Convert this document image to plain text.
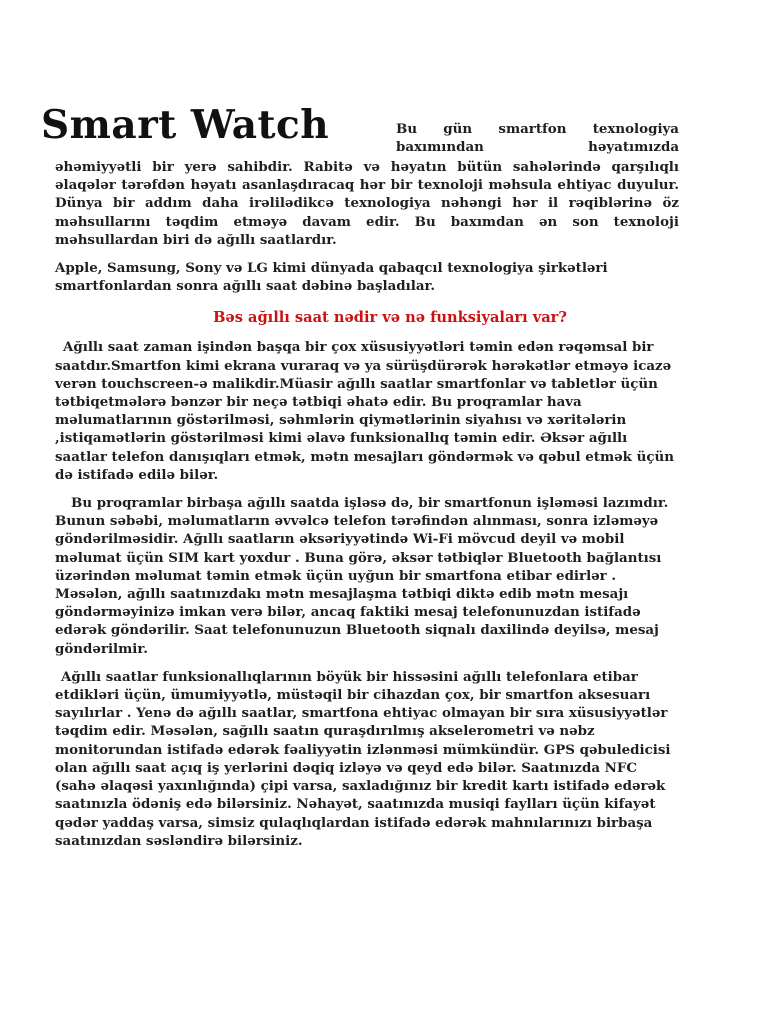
Smart Watch	Bu gün smartfon texnologiya baxımından həyatımızda

əhəmiyyətli bir yerə sahibdir. Rabitə və həyatın bütün sahələrində qarşılıqlı əlaqələr tərəfdən həyatı asanlaşdıracaq hər bir texnoloji məhsula ehtiyac duyulur. Dünya bir addım daha irəlilədikcə texnologiya nəhəngi hər il rəqiblərinə öz məhsullarını təqdim etməyə davam edir. Bu baxımdan ən son texnoloji məhsullardan biri də ağıllı saatlardır.

Apple, Samsung, Sony və LG kimi dünyada qabaqcıl texnologiya şirkətləri smartfonlardan sonra ağıllı saat dəbinə başladılar.

Bəs ağıllı saat nədir və nə funksiyaları var?

Ağıllı saat zaman işindən başqa bir çox xüsusiyyətləri təmin edən rəqəmsal bir saatdır.Smartfon kimi ekrana vuraraq və ya sürüşdürərək hərəkətlər etməyə icazə verən touchscreen-ə malikdir.Müasir ağıllı saatlar smartfonlar və tabletlər üçün tətbiqetmələrə bənzər bir neçə tətbiqi əhatə edir. Bu proqramlar hava məlumatlarının göstərilməsi, səhmlərin qiymətlərinin siyahısı və xəritələrin ,istiqamətlərin göstərilməsi kimi əlavə funksionallıq təmin edir. Əksər ağıllı saatlar telefon danışıqları etmək, mətn mesajları göndərmək və qəbul etmək üçün də istifadə edilə bilər.

Bu proqramlar birbaşa ağıllı saatda işləsə də, bir smartfonun işləməsi lazımdır. Bunun səbəbi, məlumatların əvvəlcə telefon tərəfindən alınması, sonra izləməyə göndərilməsidir. Ağıllı saatların əksəriyyətində Wi-Fi mövcud deyil və mobil məlumat üçün SIM kart yoxdur . Buna görə, əksər tətbiqlər Bluetooth bağlantısı üzərindən məlumat təmin etmək üçün uyğun bir smartfona etibar edirlər . Məsələn, ağıllı saatınızdakı mətn mesajlaşma tətbiqi diktə edib mətn mesajı göndərməyinizə imkan verə bilər, ancaq faktiki mesaj telefonunuzdan istifadə edərək göndərilir. Saat telefonunuzun Bluetooth siqnalı daxilində deyilsə, mesaj göndərilmir.

Ağıllı saatlar funksionallıqlarının böyük bir hissəsini ağıllı telefonlara etibar etdikləri üçün, ümumiyyətlə, müstəqil bir cihazdan çox, bir smartfon aksesuarı sayılırlar . Yenə də ağıllı saatlar, smartfona ehtiyac olmayan bir sıra xüsusiyyətlər təqdim edir. Məsələn, sağıllı saatın quraşdırılmış akselerometri və nəbz monitorundan istifadə edərək fəaliyyətin izlənməsi mümkündür. GPS qəbuledicisi olan ağıllı saat açıq iş yerlərini dəqiq izləyə və qeyd edə bilər. Saatınızda NFC (sahə əlaqəsi yaxınlığında) çipi varsa, saxladığınız bir kredit kartı istifadə edərək saatınızla ödəniş edə bilərsiniz. Nəhayət, saatınızda musiqi faylları üçün kifayət qədər yaddaş varsa, simsiz qulaqlıqlardan istifadə edərək mahnılarınızı birbaşa saatınızdan səsləndirə bilərsiniz.
